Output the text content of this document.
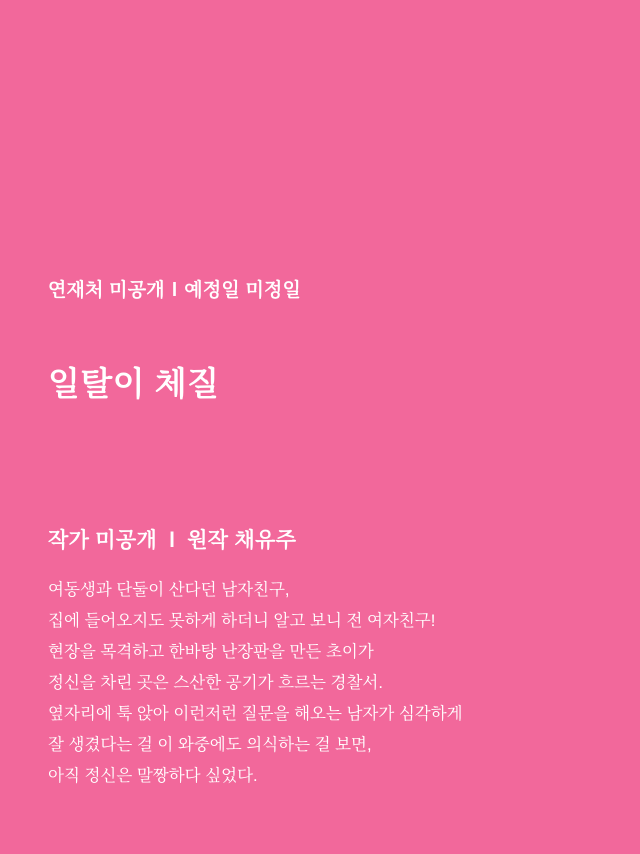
연재처 미공개 l 예정일 미정일
일탈이 체질
작가 미공개 l 원작 채유주
여동생과 단둘이 산다던 남자친구,
집에 들어오지도 못하게 하더니 알고 보니 전 여자친구!
현장을 목격하고 한바탕 난장판을 만든 초이가
정신을 차린 곳은 스산한 공기가 흐르는 경찰서.
옆자리에 툭 앉아 이런저런 질문을 해오는 남자가 심각하게
잘 생겼다는 걸 이 와중에도 의식하는 걸 보면,
아직 정신은 말짱하다 싶었다.
